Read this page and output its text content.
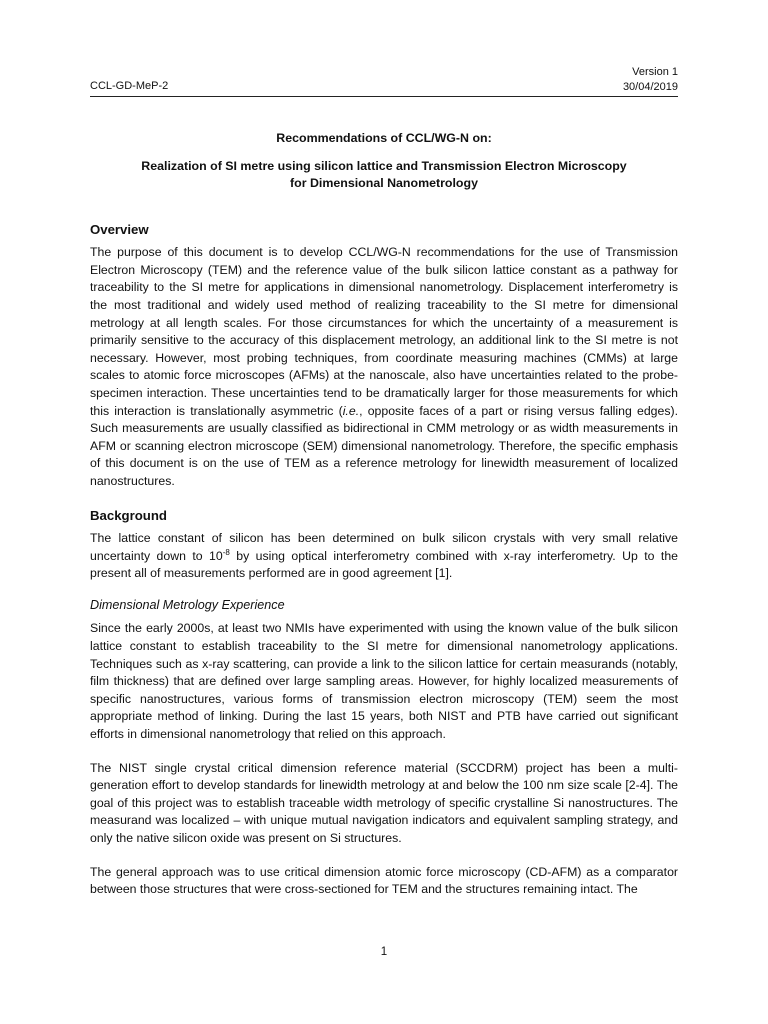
CCL-GD-MeP-2
Version 1
30/04/2019
Recommendations of CCL/WG-N on:
Realization of SI metre using silicon lattice and Transmission Electron Microscopy
for Dimensional Nanometrology
Overview

The purpose of this document is to develop CCL/WG-N recommendations for the use of Transmission Electron Microscopy (TEM) and the reference value of the bulk silicon lattice constant as a pathway for traceability to the SI metre for applications in dimensional nanometrology. Displacement interferometry is the most traditional and widely used method of realizing traceability to the SI metre for dimensional metrology at all length scales. For those circumstances for which the uncertainty of a measurement is primarily sensitive to the accuracy of this displacement metrology, an additional link to the SI metre is not necessary. However, most probing techniques, from coordinate measuring machines (CMMs) at large scales to atomic force microscopes (AFMs) at the nanoscale, also have uncertainties related to the probe-specimen interaction. These uncertainties tend to be dramatically larger for those measurements for which this interaction is translationally asymmetric (i.e., opposite faces of a part or rising versus falling edges). Such measurements are usually classified as bidirectional in CMM metrology or as width measurements in AFM or scanning electron microscope (SEM) dimensional nanometrology. Therefore, the specific emphasis of this document is on the use of TEM as a reference metrology for linewidth measurement of localized nanostructures.

Background

The lattice constant of silicon has been determined on bulk silicon crystals with very small relative uncertainty down to $10^{-8}$ by using optical interferometry combined with x-ray interferometry. Up to the present all of measurements performed are in good agreement [1].

Dimensional Metrology Experience

Since the early 2000s, at least two NMIs have experimented with using the known value of the bulk silicon lattice constant to establish traceability to the SI metre for dimensional nanometrology applications. Techniques such as x-ray scattering, can provide a link to the silicon lattice for certain measurands (notably, film thickness) that are defined over large sampling areas. However, for highly localized measurements of specific nanostructures, various forms of transmission electron microscopy (TEM) seem the most appropriate method of linking. During the last 15 years, both NIST and PTB have carried out significant efforts in dimensional nanometrology that relied on this approach.

The NIST single crystal critical dimension reference material (SCCDRM) project has been a multi-generation effort to develop standards for linewidth metrology at and below the 100 nm size scale [2-4]. The goal of this project was to establish traceable width metrology of specific crystalline Si nanostructures. The measurand was localized – with unique mutual navigation indicators and equivalent sampling strategy, and only the native silicon oxide was present on Si structures.

The general approach was to use critical dimension atomic force microscopy (CD-AFM) as a comparator between those structures that were cross-sectioned for TEM and the structures remaining intact. The

1
